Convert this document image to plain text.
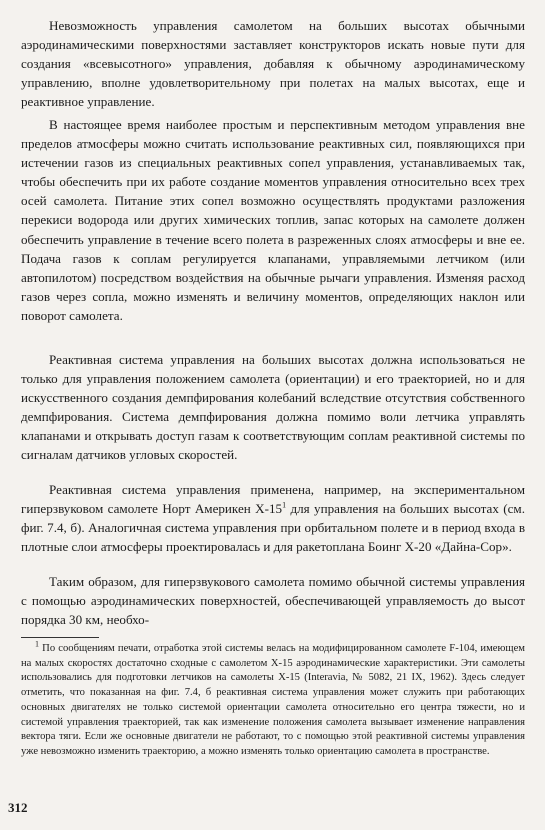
Невозможность управления самолетом на больших высотах обычными аэродинамическими поверхностями заставляет конструкторов искать новые пути для создания «всевысотного» управления, добавляя к обычному аэродинамическому управлению, вполне удовлетворительному при полетах на малых высотах, еще и реактивное управление.

В настоящее время наиболее простым и перспективным методом управления вне пределов атмосферы можно считать использование реактивных сил, появляющихся при истечении газов из специальных реактивных сопел управления, устанавливаемых так, чтобы обеспечить при их работе создание моментов управления относительно всех трех осей самолета. Питание этих сопел возможно осуществлять продуктами разложения перекиси водорода или других химических топлив, запас которых на самолете должен обеспечить управление в течение всего полета в разреженных слоях атмосферы и вне ее. Подача газов к соплам регулируется клапанами, управляемыми летчиком (или автопилотом) посредством воздействия на обычные рычаги управления. Изменяя расход газов через сопла, можно изменять и величину моментов, определяющих наклон или поворот самолета.

Реактивная система управления на больших высотах должна использоваться не только для управления положением самолета (ориентации) и его траекторией, но и для искусственного создания демпфирования колебаний вследствие отсутствия собственного демпфирования. Система демпфирования должна помимо воли летчика управлять клапанами и открывать доступ газам к соответствующим соплам реактивной системы по сигналам датчиков угловых скоростей.

Реактивная система управления применена, например, на экспериментальном гиперзвуковом самолете Норт Америкен $Х-15^1$ для управления на больших высотах (см. фиг. 7.4, б). Аналогичная система управления при орбитальном полете и в период входа в плотные слои атмосферы проектировалась и для ракетоплана Боинг Х-20 «Дайна-Сор».

Таким образом, для гиперзвукового самолета помимо обычной системы управления с помощью аэродинамических поверхностей, обеспечивающей управляемость до высот порядка 30 км, необхо-

$^1$ По сообщениям печати, отработка этой системы велась на модифицированном самолете F-104, имеющем на малых скоростях достаточно сходные с самолетом Х-15 аэродинамические характеристики. Эти самолеты использовались для подготовки летчиков на самолеты Х-15 (Interavia, № 5082, 21 IX, 1962). Здесь следует отметить, что показанная на фиг. 7.4, б реактивная система управления может служить при работающих основных двигателях не только системой ориентации самолета относительно его центра тяжести, но и системой управления траекторией, так как изменение положения самолета вызывает изменение направления вектора тяги. Если же основные двигатели не работают, то с помощью этой реактивной системы управления уже невозможно изменить траекторию, а можно изменять только ориентацию самолета в пространстве.

312
